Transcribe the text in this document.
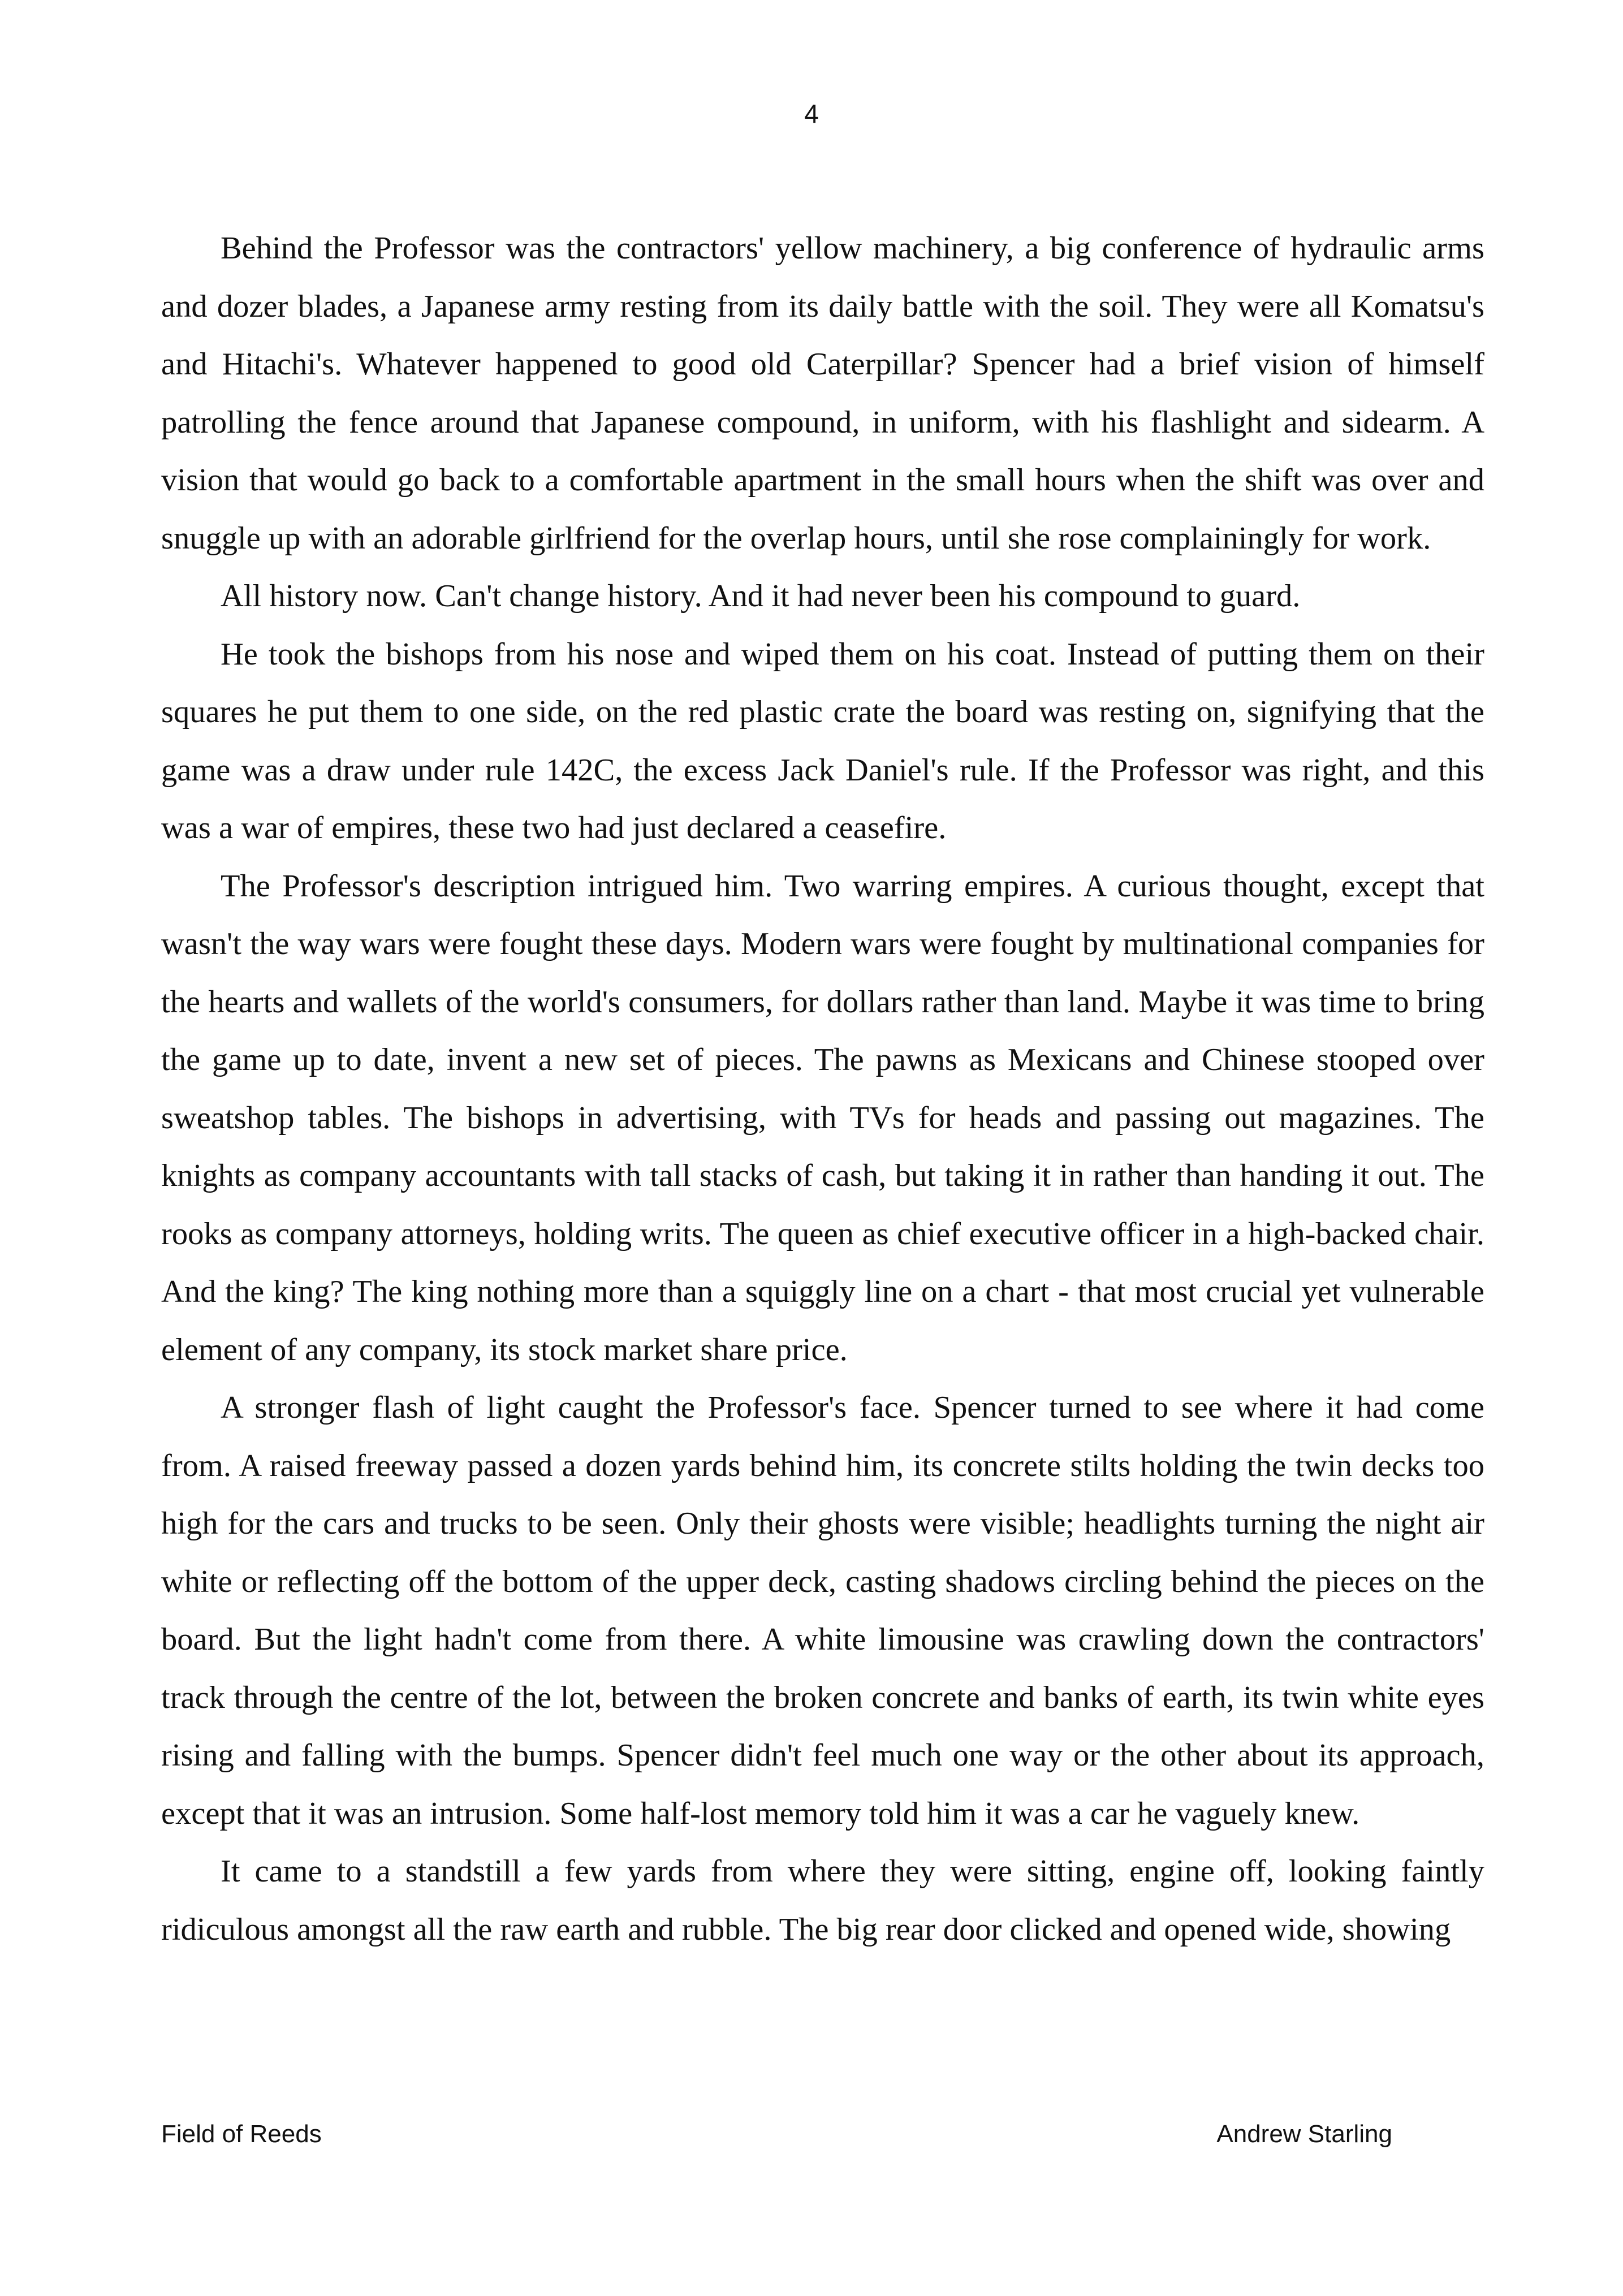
4

Behind the Professor was the contractors' yellow machinery, a big conference of hydraulic arms and dozer blades, a Japanese army resting from its daily battle with the soil. They were all Komatsu's and Hitachi's. Whatever happened to good old Caterpillar? Spencer had a brief vision of himself patrolling the fence around that Japanese compound, in uniform, with his flashlight and sidearm. A vision that would go back to a comfortable apartment in the small hours when the shift was over and snuggle up with an adorable girlfriend for the overlap hours, until she rose complainingly for work.

All history now. Can't change history. And it had never been his compound to guard.

He took the bishops from his nose and wiped them on his coat. Instead of putting them on their squares he put them to one side, on the red plastic crate the board was resting on, signifying that the game was a draw under rule 142C, the excess Jack Daniel's rule. If the Professor was right, and this was a war of empires, these two had just declared a ceasefire.

The Professor's description intrigued him. Two warring empires. A curious thought, except that wasn't the way wars were fought these days. Modern wars were fought by multinational companies for the hearts and wallets of the world's consumers, for dollars rather than land. Maybe it was time to bring the game up to date, invent a new set of pieces. The pawns as Mexicans and Chinese stooped over sweatshop tables. The bishops in advertising, with TVs for heads and passing out magazines. The knights as company accountants with tall stacks of cash, but taking it in rather than handing it out. The rooks as company attorneys, holding writs. The queen as chief executive officer in a high-backed chair. And the king? The king nothing more than a squiggly line on a chart - that most crucial yet vulnerable element of any company, its stock market share price.

A stronger flash of light caught the Professor's face. Spencer turned to see where it had come from. A raised freeway passed a dozen yards behind him, its concrete stilts holding the twin decks too high for the cars and trucks to be seen. Only their ghosts were visible; headlights turning the night air white or reflecting off the bottom of the upper deck, casting shadows circling behind the pieces on the board. But the light hadn't come from there. A white limousine was crawling down the contractors' track through the centre of the lot, between the broken concrete and banks of earth, its twin white eyes rising and falling with the bumps. Spencer didn't feel much one way or the other about its approach, except that it was an intrusion. Some half-lost memory told him it was a car he vaguely knew.

It came to a standstill a few yards from where they were sitting, engine off, looking faintly ridiculous amongst all the raw earth and rubble. The big rear door clicked and opened wide, showing

Field of Reeds	Andrew Starling
